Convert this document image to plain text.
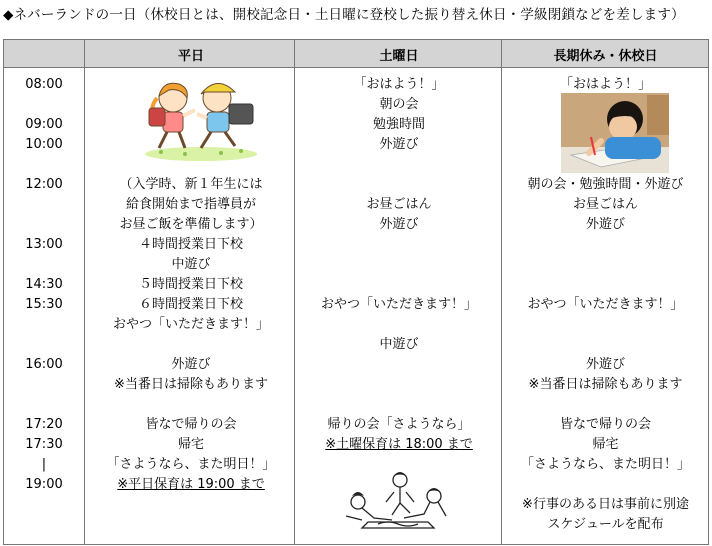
◆ネバーランドの一日（休校日とは、開校記念日・土日曜に登校した振り替え休日・学級閉鎖などを差します）
平日	土曜日	長期休み・休校日
08:00
09:00
10:00
12:00
13:00
14:30
15:30
16:00
17:20
17:30
|
19:00
（入学時、新１年生には
給食開始まで指導員が
お昼ご飯を準備します）
４時間授業日下校
中遊び
５時間授業日下校
６時間授業日下校
おやつ「いただきます！」
外遊び
※当番日は掃除もあります
皆なで帰りの会
帰宅
「さようなら、また明日！」
※平日保育は 19:00 まで
「おはよう！」
朝の会
勉強時間
外遊び
お昼ごはん
外遊び
おやつ「いただきます！」
中遊び
帰りの会「さようなら」
※土曜保育は 18:00 まで
「おはよう！」
朝の会・勉強時間・外遊び
お昼ごはん
外遊び
おやつ「いただきます！」
外遊び
※当番日は掃除もあります
皆なで帰りの会
帰宅
「さようなら、また明日！」
※行事のある日は事前に別途
スケジュールを配布
